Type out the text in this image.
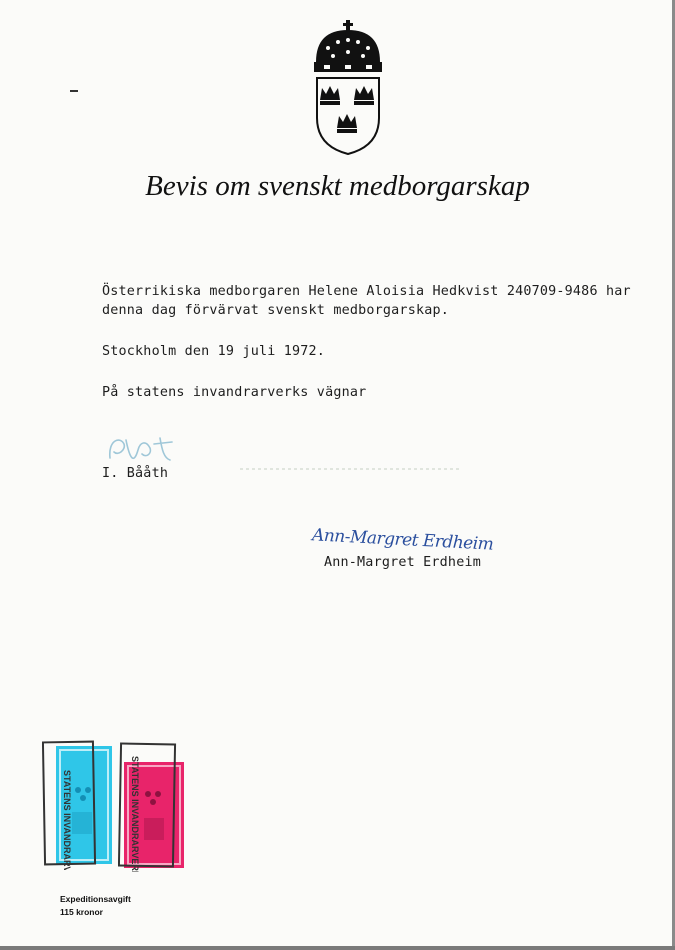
Bevis om svenskt medborgarskap
Österrikiska medborgaren Helene Aloisia Hedkvist 240709-9486 har
denna dag förvärvat svenskt medborgarskap.
Stockholm den 19 juli 1972.
På statens invandrarverks vägnar
I. Bååth
Ann-Margret Erdheim
Ann-Margret Erdheim
STATENS INVANDRARVERK	STATENS INVANDRARVERK
Expeditionsavgift
115 kronor
